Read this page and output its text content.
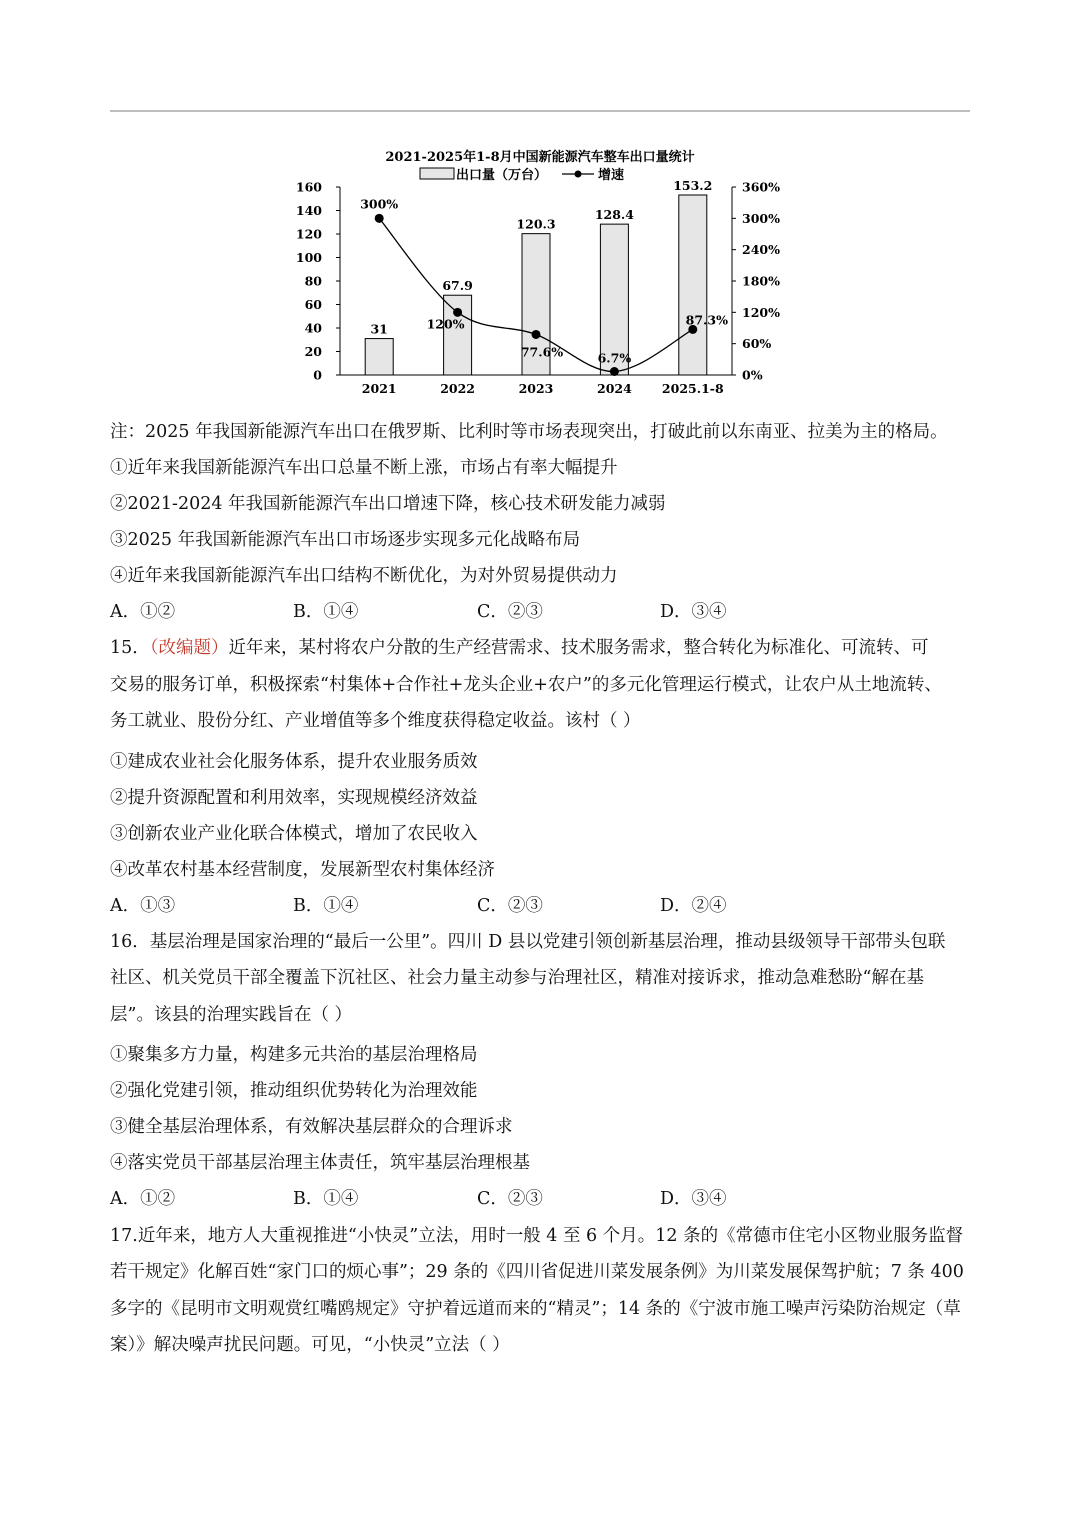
2021-2025年1-8月中国新能源汽车整车出口量统计
出口量（万台）	增速
0
20
40
60
80
100
120
140
160
0%
60%
120%
180%
240%
300%
360%
31
67.9
120.3
128.4
153.2
2021	2022	2023	2024 2025.1-8
300%
120%
77.6%	6.7%
87.3%
注：2025 年我国新能源汽车出口在俄罗斯、比利时等市场表现突出，打破此前以东南亚、拉美为主的格局。
①近年来我国新能源汽车出口总量不断上涨，市场占有率大幅提升
②2021-2024 年我国新能源汽车出口增速下降，核心技术研发能力减弱
③2025 年我国新能源汽车出口市场逐步实现多元化战略布局
④近年来我国新能源汽车出口结构不断优化，为对外贸易提供动力
A．①②	B．①④	C．②③	D．③④
15．（改编题）近年来，某村将农户分散的生产经营需求、技术服务需求，整合转化为标准化、可流转、可
交易的服务订单，积极探索“村集体+合作社+龙头企业+农户”的多元化管理运行模式，让农户从土地流转、
务工就业、股份分红、产业增值等多个维度获得稳定收益。该村（ ）
①建成农业社会化服务体系，提升农业服务质效
②提升资源配置和利用效率，实现规模经济效益
③创新农业产业化联合体模式，增加了农民收入
④改革农村基本经营制度，发展新型农村集体经济
A．①③	B．①④	C．②③	D．②④
16．基层治理是国家治理的“最后一公里”。四川 D 县以党建引领创新基层治理，推动县级领导干部带头包联
社区、机关党员干部全覆盖下沉社区、社会力量主动参与治理社区，精准对接诉求，推动急难愁盼“解在基
层”。该县的治理实践旨在（ ）
①聚集多方力量，构建多元共治的基层治理格局
②强化党建引领，推动组织优势转化为治理效能
③健全基层治理体系，有效解决基层群众的合理诉求
④落实党员干部基层治理主体责任，筑牢基层治理根基
A．①②	B．①④	C．②③	D．③④
17.近年来，地方人大重视推进“小快灵”立法，用时一般 4 至 6 个月。12 条的《常德市住宅小区物业服务监督
若干规定》化解百姓“家门口的烦心事”；29 条的《四川省促进川菜发展条例》为川菜发展保驾护航；7 条 400
多字的《昆明市文明观赏红嘴鸥规定》守护着远道而来的“精灵”；14 条的《宁波市施工噪声污染防治规定（草
案）》解决噪声扰民问题。可见，“小快灵”立法（ ）
